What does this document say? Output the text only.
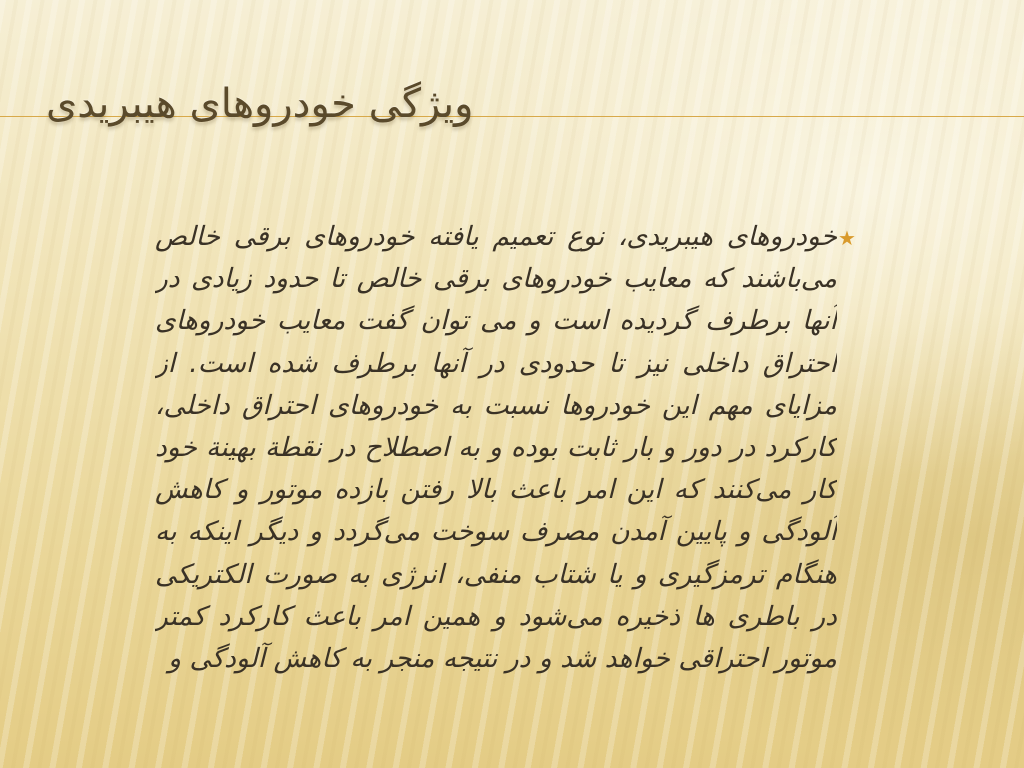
ویژگی خودروهای هیبریدی
★
خودروهای هیبریدی، نوع تعمیم یافته خودروهای برقی خالص می‌باشند که معایب خودروهای برقی خالص تا حدود زیادی در آنها برطرف گردیده است و می توان گفت معایب خودروهای احتراق داخلی نیز تا حدودی در آنها برطرف شده است. از مزایای مهم این خودروها نسبت به خودروهای احتراق داخلی، کارکرد در دور و بار ثابت بوده و به اصطلاح در نقطة بهینة خود کار می‌کنند که این امر باعث بالا رفتن بازده موتور و کاهش آلودگی و پایین آمدن مصرف سوخت می‌گردد و دیگر اینکه به هنگام ترمزگیری و یا شتاب منفی، انرژی به صورت الکتریکی در باطری ها ذخیره می‌شود و همین امر باعث کارکرد کمتر موتور احتراقی خواهد شد و در نتیجه منجر به کاهش آلودگی و
